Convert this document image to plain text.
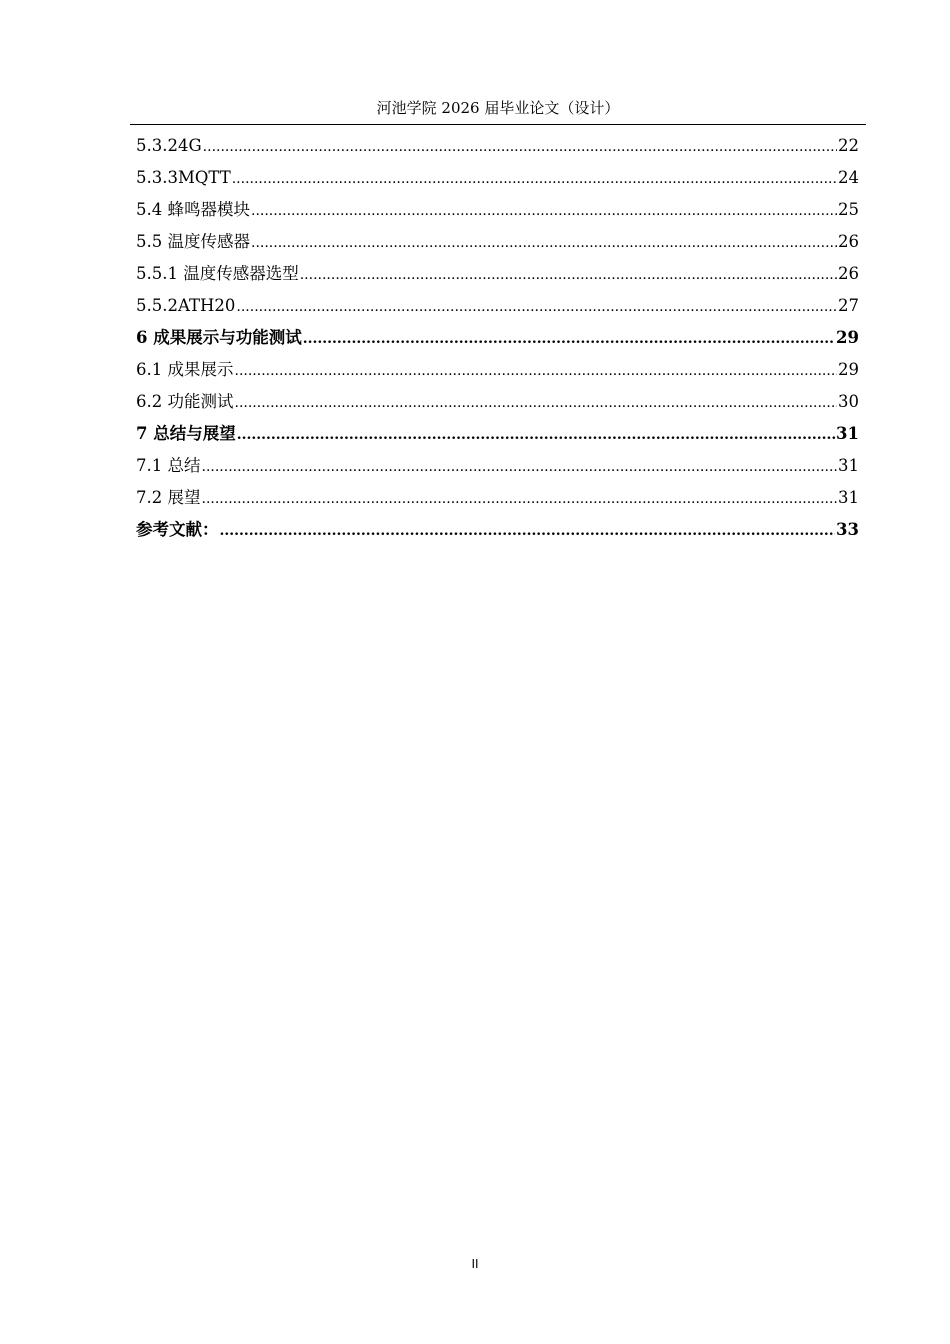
河池学院 2026 届毕业论文（设计）
5.3.24G .....	22
5.3.3MQTT .....	24
5.4 蜂鸣器模块 .....	25
5.5 温度传感器 .....	26
5.5.1 温度传感器选型 .....	26
5.5.2ATH20 .....	27
6 成果展示与功能测试 .....	29
6.1 成果展示 .....	29
6.2 功能测试 .....	30
7 总结与展望 .....	31
7.1 总结 .....	31
7.2 展望 .....	31
参考文献： .....	33
II
